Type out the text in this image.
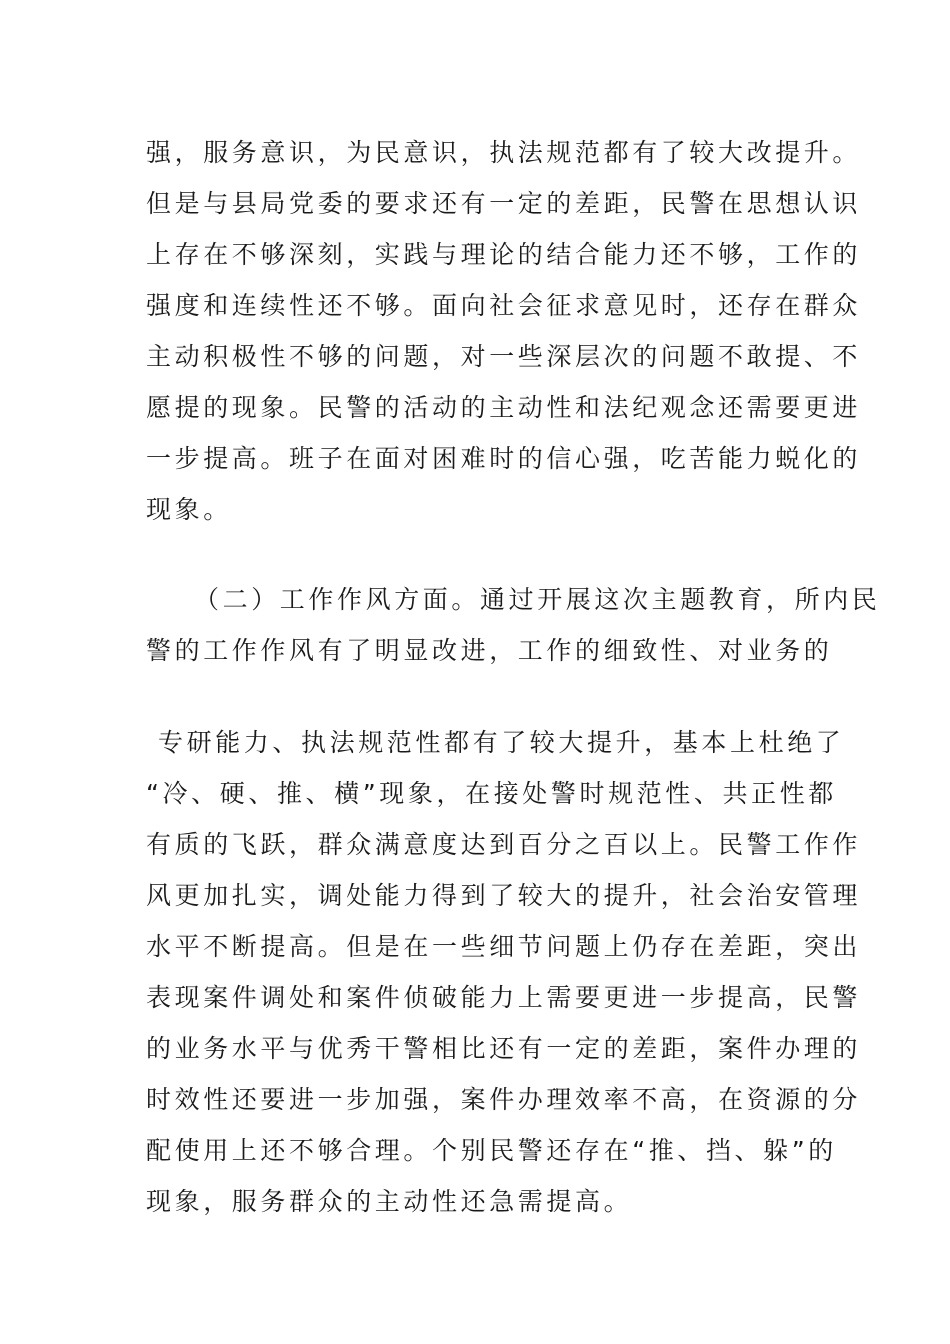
强，服务意识，为民意识，执法规范都有了较大改提升。
但是与县局党委的要求还有一定的差距，民警在思想认识
上存在不够深刻，实践与理论的结合能力还不够，工作的
强度和连续性还不够。面向社会征求意见时，还存在群众
主动积极性不够的问题，对一些深层次的问题不敢提、不
愿提的现象。民警的活动的主动性和法纪观念还需要更进
一步提高。班子在面对困难时的信心强，吃苦能力蜕化的
现象。
（二）工作作风方面。通过开展这次主题教育，所内民
警的工作作风有了明显改进，工作的细致性、对业务的
专研能力、执法规范性都有了较大提升，基本上杜绝了
“冷、硬、推、横”现象，在接处警时规范性、共正性都
有质的飞跃，群众满意度达到百分之百以上。民警工作作
风更加扎实，调处能力得到了较大的提升，社会治安管理
水平不断提高。但是在一些细节问题上仍存在差距，突出
表现案件调处和案件侦破能力上需要更进一步提高，民警
的业务水平与优秀干警相比还有一定的差距，案件办理的
时效性还要进一步加强，案件办理效率不高，在资源的分
配使用上还不够合理。个别民警还存在“推、挡、躲”的
现象，服务群众的主动性还急需提高。
